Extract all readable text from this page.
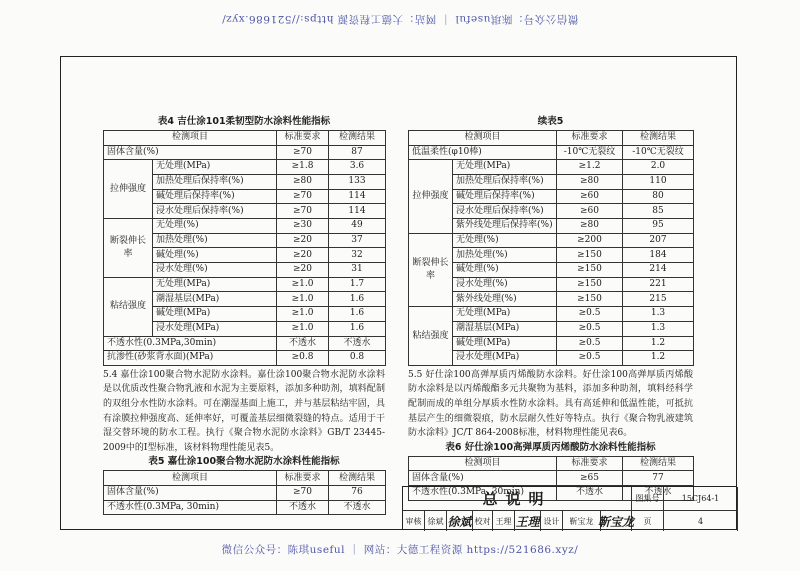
微信公众号：陈琪useful ｜ 网站：大德工程资源 https://521686.xyz/
表4 吉仕涂101柔韧型防水涂料性能指标
检测项目		标准要求	检测结果
固体含量(%)		≥70	87
拉伸强度	无处理(MPa)	≥1.8	3.6
	加热处理后保持率(%)	≥80	133
	碱处理后保持率(%)	≥70	114
	浸水处理后保持率(%)	≥70	114
断裂伸长率	无处理(%)	≥30	49
	加热处理(%)	≥20	37
	碱处理(%)	≥20	32
	浸水处理(%)	≥20	31
粘结强度	无处理(MPa)	≥1.0	1.7
	潮湿基层(MPa)	≥1.0	1.6
	碱处理(MPa)	≥1.0	1.6
	浸水处理(MPa)	≥1.0	1.6
不透水性(0.3MPa,30min)		不透水	不透水
抗渗性(砂浆背水面)(MPa)		≥0.8	0.8
5.4 嘉仕涂100聚合物水泥防水涂料。嘉仕涂100聚合物水泥防水涂料是以优质改性聚合物乳液和水泥为主要原料，添加多种助剂，填料配制的双组分水性防水涂料。可在潮湿基面上施工，并与基层粘结牢固，具有涂膜拉伸强度高、延伸率好，可覆盖基层细微裂缝的特点。适用于干湿交替环境的防水工程。执行《聚合物水泥防水涂料》GB/T 23445-2009中的Ⅰ型标准，该材料物理性能见表5。
表5 嘉仕涂100聚合物水泥防水涂料性能指标
检测项目	标准要求	检测结果
固体含量(%)	≥70	76
不透水性(0.3MPa, 30min)	不透水	不透水
续表5
检测项目		标准要求	检测结果
低温柔性(φ10棒)		-10℃无裂纹	-10℃无裂纹
拉伸强度	无处理(MPa)	≥1.2	2.0
	加热处理后保持率(%)	≥80	110
	碱处理后保持率(%)	≥60	80
	浸水处理后保持率(%)	≥60	85
	紫外线处理后保持率(%)	≥80	95
断裂伸长率	无处理(%)	≥200	207
	加热处理(%)	≥150	184
	碱处理(%)	≥150	214
	浸水处理(%)	≥150	221
	紫外线处理(%)	≥150	215
粘结强度	无处理(MPa)	≥0.5	1.3
	潮湿基层(MPa)	≥0.5	1.3
	碱处理(MPa)	≥0.5	1.2
	浸水处理(MPa)	≥0.5	1.2
5.5 好仕涂100高弹厚质丙烯酸防水涂料。好仕涂100高弹厚质丙烯酸防水涂料是以丙烯酸酯多元共聚物为基料，添加多种助剂，填料经科学配制而成的单组分厚质水性防水涂料。具有高延伸和低温性能，可抵抗基层产生的细微裂痕，防水层耐久性好等特点。执行《聚合物乳液建筑防水涂料》JC/T 864-2008标准，材料物理性能见表6。
表6 好仕涂100高弹厚质丙烯酸防水涂料性能指标
检测项目	标准要求	检测结果
固体含量(%)	≥65	77
不透水性(0.3MPa, 30min)	不透水	不透水
总说明	图集号	15CJ64-1
审核 徐斌 徐斌 校对 王理 王理 设计	靳宝龙 靳宝龙	页	4
微信公众号：陈琪useful ｜ 网站：大德工程资源 https://521686.xyz/
